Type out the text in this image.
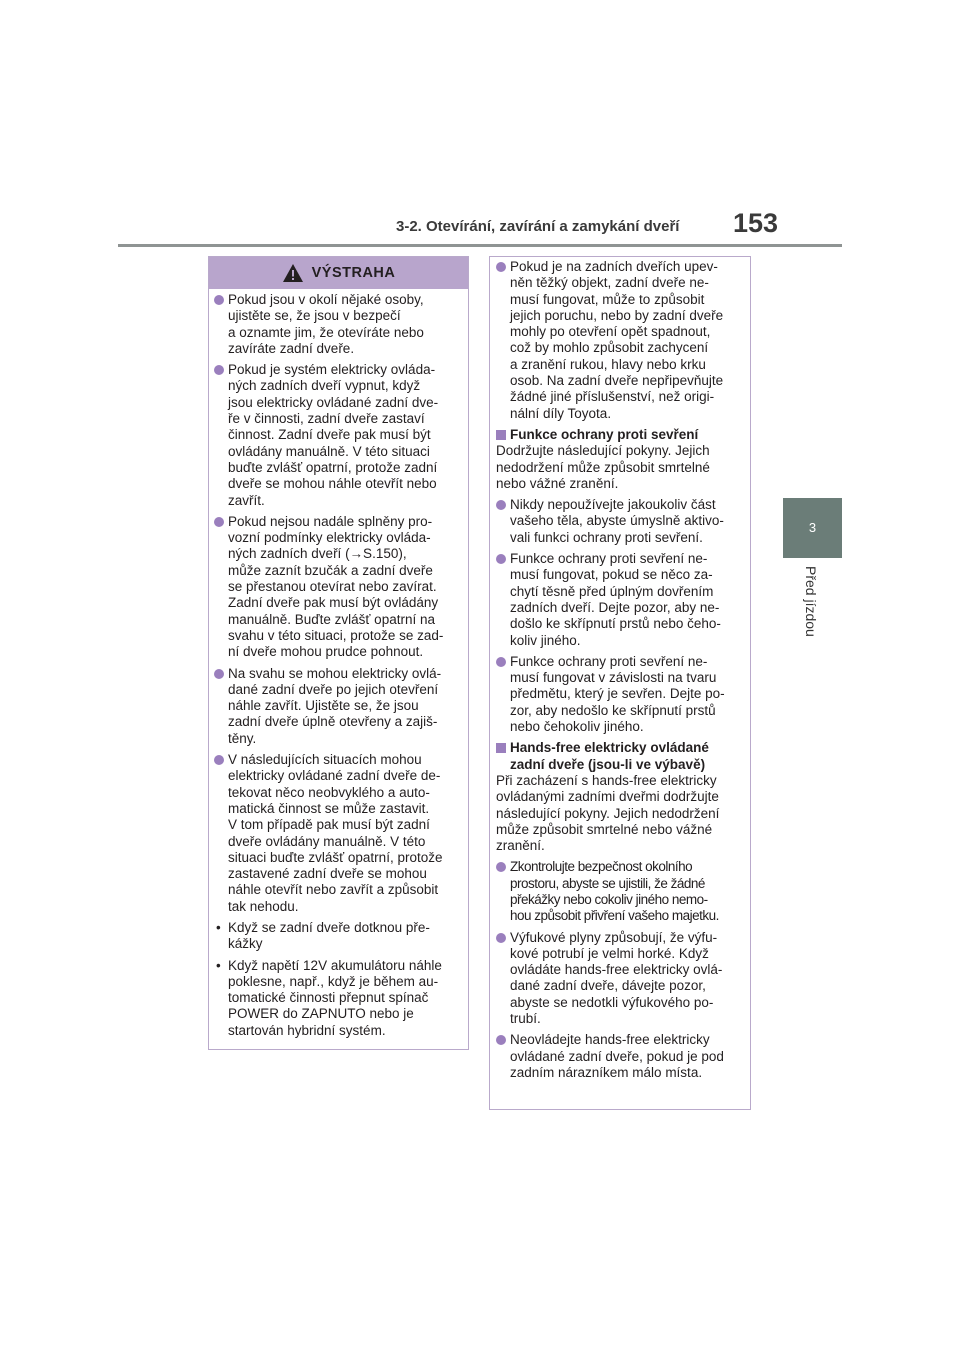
3-2. Otevírání, zavírání a zamykání dveří 153
3
Před jízdou
VÝSTRAHA
Pokud jsou v okolí nějaké osoby,
ujistěte se, že jsou v bezpečí
a oznamte jim, že otevíráte nebo
zavíráte zadní dveře.
Pokud je systém elektricky ovláda-
ných zadních dveří vypnut, když
jsou elektricky ovládané zadní dve-
ře v činnosti, zadní dveře zastaví
činnost. Zadní dveře pak musí být
ovládány manuálně. V této situaci
buďte zvlášť opatrní, protože zadní
dveře se mohou náhle otevřít nebo
zavřít.
Pokud nejsou nadále splněny pro-
vozní podmínky elektricky ovláda-
ných zadních dveří (→S.150),
může zaznít bzučák a zadní dveře
se přestanou otevírat nebo zavírat.
Zadní dveře pak musí být ovládány
manuálně. Buďte zvlášť opatrní na
svahu v této situaci, protože se zad-
ní dveře mohou prudce pohnout.
Na svahu se mohou elektricky ovlá-
dané zadní dveře po jejich otevření
náhle zavřít. Ujistěte se, že jsou
zadní dveře úplně otevřeny a zajiš-
těny.
V následujících situacích mohou
elektricky ovládané zadní dveře de-
tekovat něco neobvyklého a auto-
matická činnost se může zastavit.
V tom případě pak musí být zadní
dveře ovládány manuálně. V této
situaci buďte zvlášť opatrní, protože
zastavené zadní dveře se mohou
náhle otevřít nebo zavřít a způsobit
tak nehodu.
• Když se zadní dveře dotknou pře-
kážky
• Když napětí 12V akumulátoru náhle
poklesne, např., když je během au-
tomatické činnosti přepnut spínač
POWER do ZAPNUTO nebo je
startován hybridní systém.
Pokud je na zadních dveřích upev-
něn těžký objekt, zadní dveře ne-
musí fungovat, může to způsobit
jejich poruchu, nebo by zadní dveře
mohly po otevření opět spadnout,
což by mohlo způsobit zachycení
a zranění rukou, hlavy nebo krku
osob. Na zadní dveře nepřipevňujte
žádné jiné příslušenství, než origi-
nální díly Toyota.
Funkce ochrany proti sevření
Dodržujte následující pokyny. Jejich
nedodržení může způsobit smrtelné
nebo vážné zranění.
Nikdy nepoužívejte jakoukoliv část
vašeho těla, abyste úmyslně aktivo-
vali funkci ochrany proti sevření.
Funkce ochrany proti sevření ne-
musí fungovat, pokud se něco za-
chytí těsně před úplným dovřením
zadních dveří. Dejte pozor, aby ne-
došlo ke skřípnutí prstů nebo čeho-
koliv jiného.
Funkce ochrany proti sevření ne-
musí fungovat v závislosti na tvaru
předmětu, který je sevřen. Dejte po-
zor, aby nedošlo ke skřípnutí prstů
nebo čehokoliv jiného.
Hands-free elektricky ovládané
zadní dveře (jsou-li ve výbavě)
Při zacházení s hands-free elektricky
ovládanými zadními dveřmi dodržujte
následující pokyny. Jejich nedodržení
může způsobit smrtelné nebo vážné
zranění.
Zkontrolujte bezpečnost okolního
prostoru, abyste se ujistili, že žádné
překážky nebo cokoliv jiného nemo-
hou způsobit přivření vašeho majetku.
Výfukové plyny způsobují, že výfu-
kové potrubí je velmi horké. Když
ovládáte hands-free elektricky ovlá-
dané zadní dveře, dávejte pozor,
abyste se nedotkli výfukového po-
trubí.
Neovládejte hands-free elektricky
ovládané zadní dveře, pokud je pod
zadním nárazníkem málo místa.
